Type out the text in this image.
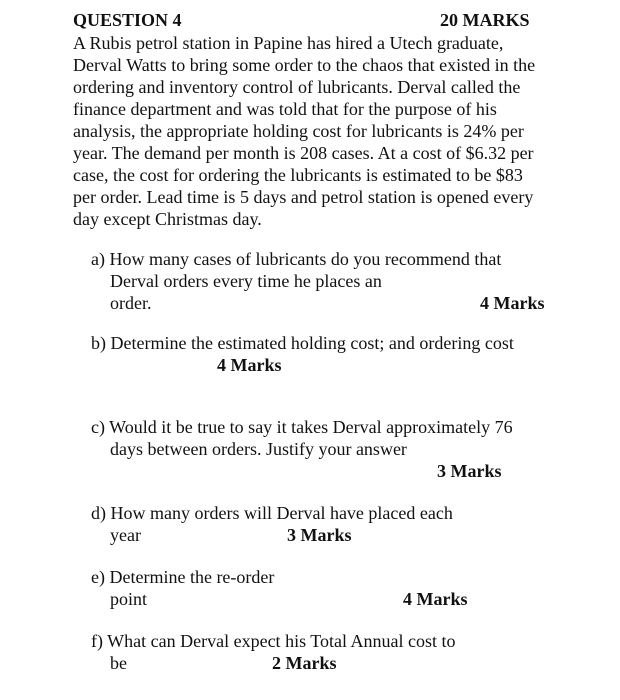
QUESTION 4	20 MARKS
A Rubis petrol station in Papine has hired a Utech graduate,
Derval Watts to bring some order to the chaos that existed in the
ordering and inventory control of lubricants. Derval called the
finance department and was told that for the purpose of his
analysis, the appropriate holding cost for lubricants is 24% per
year. The demand per month is 208 cases. At a cost of $6.32 per
case, the cost for ordering the lubricants is estimated to be $83
per order. Lead time is 5 days and petrol station is opened every
day except Christmas day.
a) How many cases of lubricants do you recommend that
Derval orders every time he places an
order.	4 Marks
b) Determine the estimated holding cost; and ordering cost
4 Marks
c) Would it be true to say it takes Derval approximately 76
days between orders. Justify your answer
3 Marks
d) How many orders will Derval have placed each
year	3 Marks
e) Determine the re-order
point	4 Marks
f) What can Derval expect his Total Annual cost to
be	2 Marks
